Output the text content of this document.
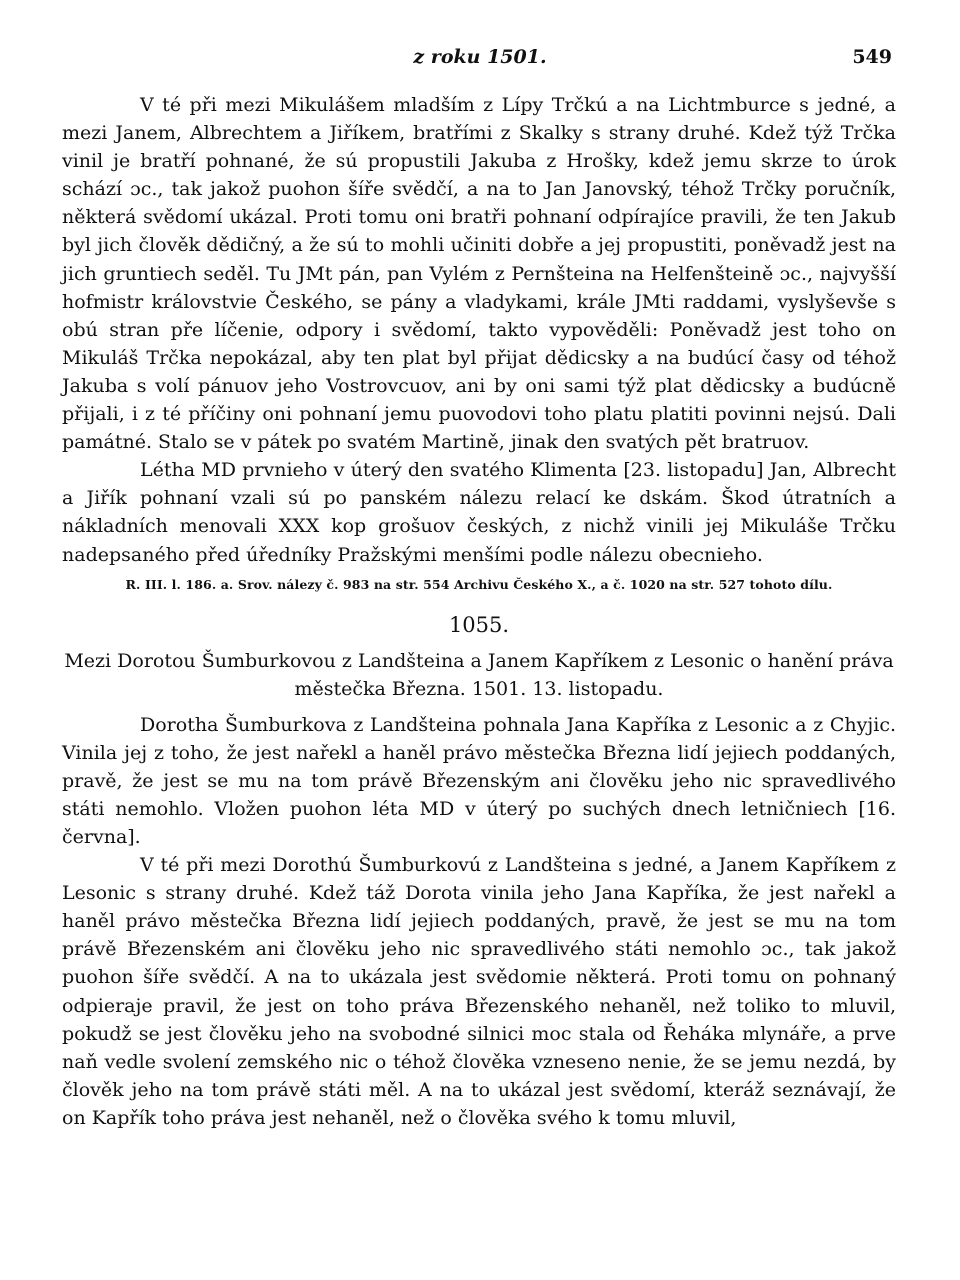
z roku 1501.	549

V té při mezi Mikulášem mladším z Lípy Trčkú a na Lichtmburce s jedné, a mezi Janem, Albrechtem a Jiříkem, bratřími z Skalky s strany druhé. Kdež týž Trčka vinil je bratří pohnané, že sú propustili Jakuba z Hrošky, kdež jemu skrze to úrok schází ɔc., tak jakož puohon šíře svědčí, a na to Jan Janovský, téhož Trčky poručník, některá svědomí ukázal. Proti tomu oni bratři pohnaní odpírajíce pravili, že ten Jakub byl jich člověk dědičný, a že sú to mohli učiniti dobře a jej propustiti, poněvadž jest na jich gruntiech seděl. Tu JMt pán, pan Vylém z Pernšteina na Helfenšteině ɔc., najvyšší hofmistr královstvie Českého, se pány a vladykami, krále JMti raddami, vyslyševše s obú stran pře líčenie, odpory i svědomí, takto vypověděli: Poněvadž jest toho on Mikuláš Trčka nepokázal, aby ten plat byl přijat dědicsky a na budúcí časy od téhož Jakuba s volí pánuov jeho Vostrovcuov, ani by oni sami týž plat dědicsky a budúcně přijali, i z té příčiny oni pohnaní jemu puovodovi toho platu platiti povinni nejsú. Dali památné. Stalo se v pátek po svatém Martině, jinak den svatých pět bratruov.

Létha MD prvnieho v úterý den svatého Klimenta [23. listopadu] Jan, Albrecht a Jiřík pohnaní vzali sú po panském nálezu relací ke dskám. Škod útratních a nákladních menovali XXX kop grošuov českých, z nichž vinili jej Mikuláše Trčku nadepsaného před úředníky Pražskými menšími podle nálezu obecnieho.

R. III. l. 186. a. Srov. nálezy č. 983 na str. 554 Archivu Českého X., a č. 1020 na str. 527 tohoto dílu.
1055.
Mezi Dorotou Šumburkovou z Landšteina a Janem Kapříkem z Lesonic o hanění práva městečka Března. 1501. 13. listopadu.

Dorotha Šumburkova z Landšteina pohnala Jana Kapříka z Lesonic a z Chyjic. Vinila jej z toho, že jest nařekl a haněl právo městečka Března lidí jejiech poddaných, pravě, že jest se mu na tom právě Březenským ani člověku jeho nic spravedlivého státi nemohlo. Vložen puohon léta MD v úterý po suchých dnech letničniech [16. června].

V té při mezi Dorothú Šumburkovú z Landšteina s jedné, a Janem Kapříkem z Lesonic s strany druhé. Kdež táž Dorota vinila jeho Jana Kapříka, že jest nařekl a haněl právo městečka Března lidí jejiech poddaných, pravě, že jest se mu na tom právě Březenském ani člověku jeho nic spravedlivého státi nemohlo ɔc., tak jakož puohon šíře svědčí. A na to ukázala jest svědomie některá. Proti tomu on pohnaný odpieraje pravil, že jest on toho práva Březenského nehaněl, než toliko to mluvil, pokudž se jest člověku jeho na svobodné silnici moc stala od Řeháka mlynáře, a prve naň vedle svolení zemského nic o téhož člověka vzneseno nenie, že se jemu nezdá, by člověk jeho na tom právě státi měl. A na to ukázal jest svědomí, kteráž seznávají, že on Kapřík toho práva jest nehaněl, než o člověka svého k tomu mluvil,
